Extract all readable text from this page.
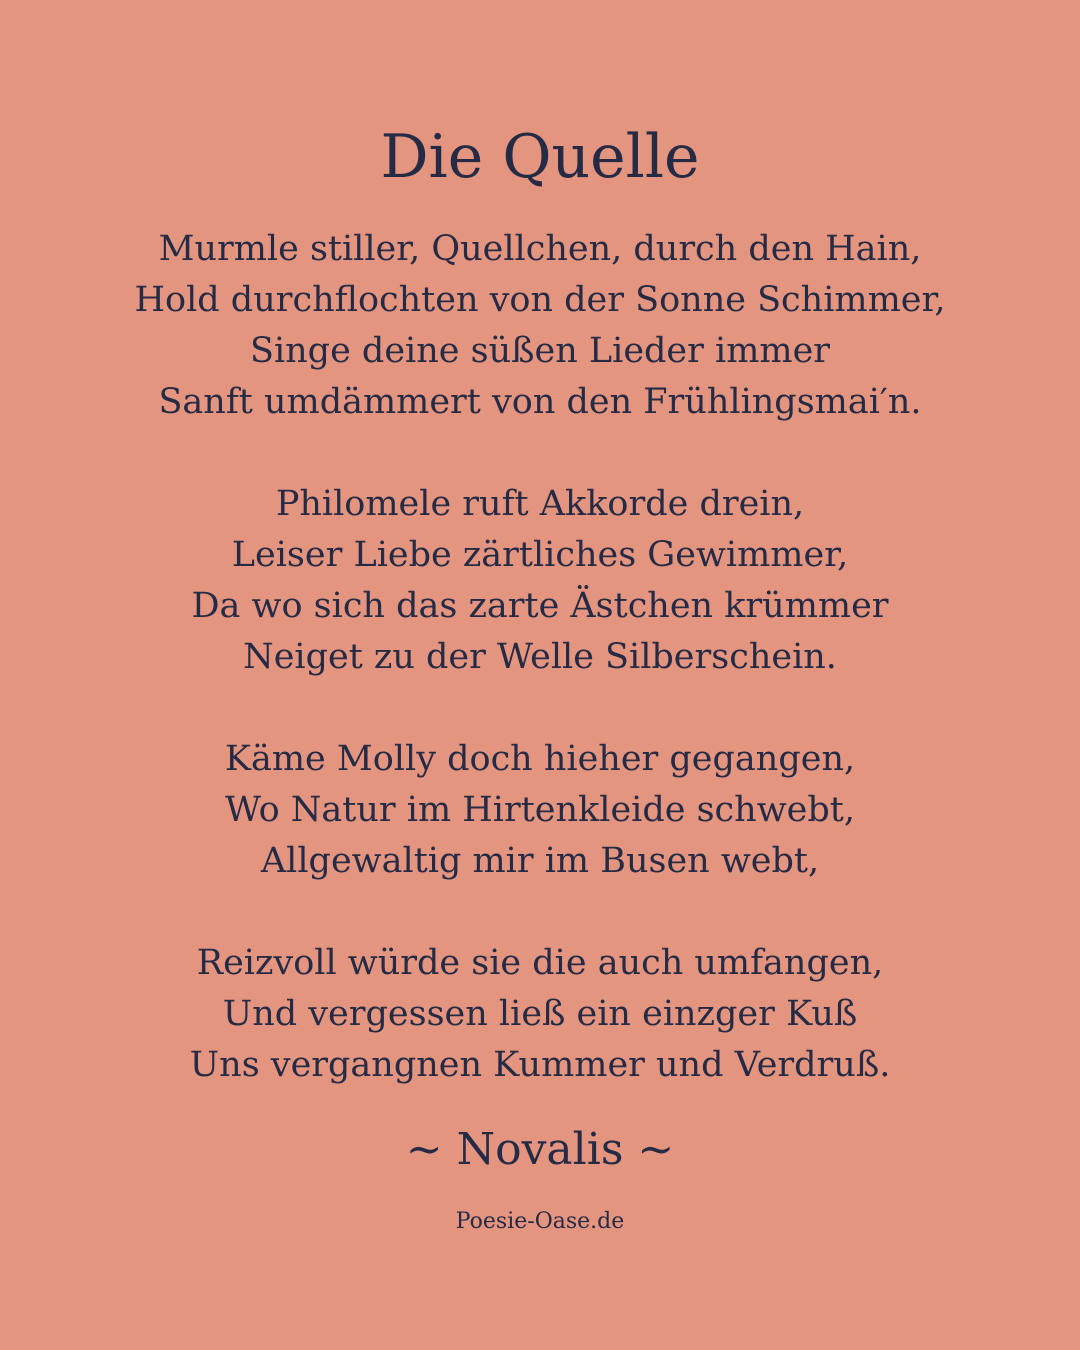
Die Quelle
Murmle stiller, Quellchen, durch den Hain,
Hold durchflochten von der Sonne Schimmer,
Singe deine süßen Lieder immer
Sanft umdämmert von den Frühlingsmai′n.
Philomele ruft Akkorde drein,
Leiser Liebe zärtliches Gewimmer,
Da wo sich das zarte Ästchen krümmer
Neiget zu der Welle Silberschein.
Käme Molly doch hieher gegangen,
Wo Natur im Hirtenkleide schwebt,
Allgewaltig mir im Busen webt,
Reizvoll würde sie die auch umfangen,
Und vergessen ließ ein einzger Kuß
Uns vergangnen Kummer und Verdruß.
~ Novalis ~
Poesie-Oase.de
